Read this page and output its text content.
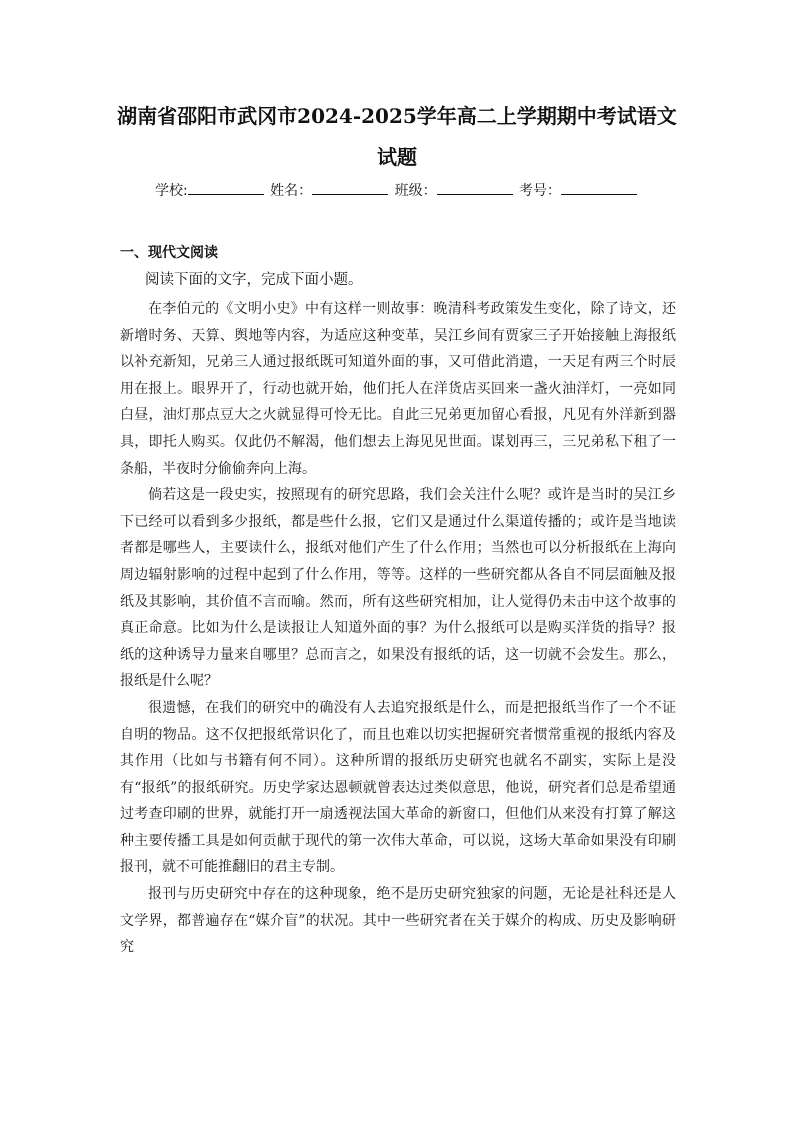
湖南省邵阳市武冈市2024-2025学年高二上学期期中考试语文
试题
学校:	姓名：	班级：	考号：
一、现代文阅读
阅读下面的文字，完成下面小题。

在李伯元的《文明小史》中有这样一则故事：晚清科考政策发生变化，除了诗文，还新增时务、天算、舆地等内容，为适应这种变革，吴江乡间有贾家三子开始接触上海报纸以补充新知，兄弟三人通过报纸既可知道外面的事，又可借此消遣，一天足有两三个时辰用在报上。眼界开了，行动也就开始，他们托人在洋货店买回来一盏火油洋灯，一亮如同白昼，油灯那点豆大之火就显得可怜无比。自此三兄弟更加留心看报，凡见有外洋新到器具，即托人购买。仅此仍不解渴，他们想去上海见见世面。谋划再三，三兄弟私下租了一条船，半夜时分偷偷奔向上海。

倘若这是一段史实，按照现有的研究思路，我们会关注什么呢？或许是当时的吴江乡下已经可以看到多少报纸，都是些什么报，它们又是通过什么渠道传播的；或许是当地读者都是哪些人，主要读什么，报纸对他们产生了什么作用；当然也可以分析报纸在上海向周边辐射影响的过程中起到了什么作用，等等。这样的一些研究都从各自不同层面触及报纸及其影响，其价值不言而喻。然而，所有这些研究相加，让人觉得仍未击中这个故事的真正命意。比如为什么是读报让人知道外面的事？为什么报纸可以是购买洋货的指导？报纸的这种诱导力量来自哪里？总而言之，如果没有报纸的话，这一切就不会发生。那么，报纸是什么呢？

很遗憾，在我们的研究中的确没有人去追究报纸是什么，而是把报纸当作了一个不证自明的物品。这不仅把报纸常识化了，而且也难以切实把握研究者惯常重视的报纸内容及其作用（比如与书籍有何不同）。这种所谓的报纸历史研究也就名不副实，实际上是没有“报纸”的报纸研究。历史学家达恩顿就曾表达过类似意思，他说，研究者们总是希望通过考查印刷的世界，就能打开一扇透视法国大革命的新窗口，但他们从来没有打算了解这种主要传播工具是如何贡献于现代的第一次伟大革命，可以说，这场大革命如果没有印刷报刊，就不可能推翻旧的君主专制。

报刊与历史研究中存在的这种现象，绝不是历史研究独家的问题，无论是社科还是人文学界，都普遍存在“媒介盲”的状况。其中一些研究者在关于媒介的构成、历史及影响研究
